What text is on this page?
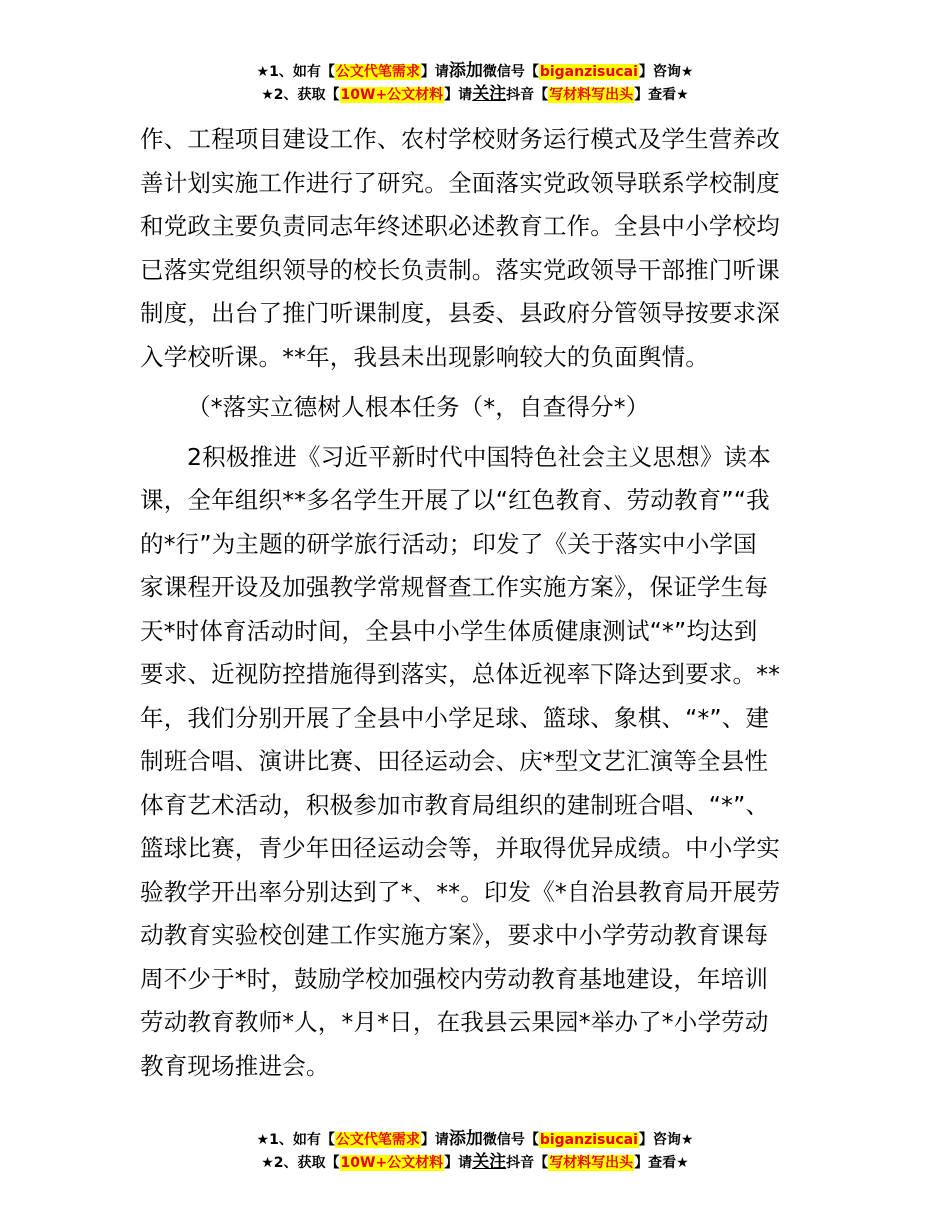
★1、如有【公文代笔需求】请添加微信号【biganzisucai】咨询★
★2、获取【10W+公文材料】请关注抖音【写材料写出头】查看★

作、工程项目建设工作、农村学校财务运行模式及学生营养改
善计划实施工作进行了研究。全面落实党政领导联系学校制度
和党政主要负责同志年终述职必述教育工作。全县中小学校均
已落实党组织领导的校长负责制。落实党政领导干部推门听课
制度，出台了推门听课制度，县委、县政府分管领导按要求深
入学校听课。**年，我县未出现影响较大的负面舆情。

（*落实立德树人根本任务（*，自查得分*）

2积极推进《习近平新时代中国特色社会主义思想》读本
课，全年组织**多名学生开展了以“红色教育、劳动教育”“我
的*行”为主题的研学旅行活动；印发了《关于落实中小学国
家课程开设及加强教学常规督查工作实施方案》，保证学生每
天*时体育活动时间，全县中小学生体质健康测试“*”均达到
要求、近视防控措施得到落实，总体近视率下降达到要求。**
年，我们分别开展了全县中小学足球、篮球、象棋、“*”、建
制班合唱、演讲比赛、田径运动会、庆*型文艺汇演等全县性
体育艺术活动，积极参加市教育局组织的建制班合唱、“*”、
篮球比赛，青少年田径运动会等，并取得优异成绩。中小学实
验教学开出率分别达到了*、**。印发《*自治县教育局开展劳
动教育实验校创建工作实施方案》，要求中小学劳动教育课每
周不少于*时，鼓励学校加强校内劳动教育基地建设，年培训
劳动教育教师*人，*月*日，在我县云果园*举办了*小学劳动
教育现场推进会。

★1、如有【公文代笔需求】请添加微信号【biganzisucai】咨询★
★2、获取【10W+公文材料】请关注抖音【写材料写出头】查看★
